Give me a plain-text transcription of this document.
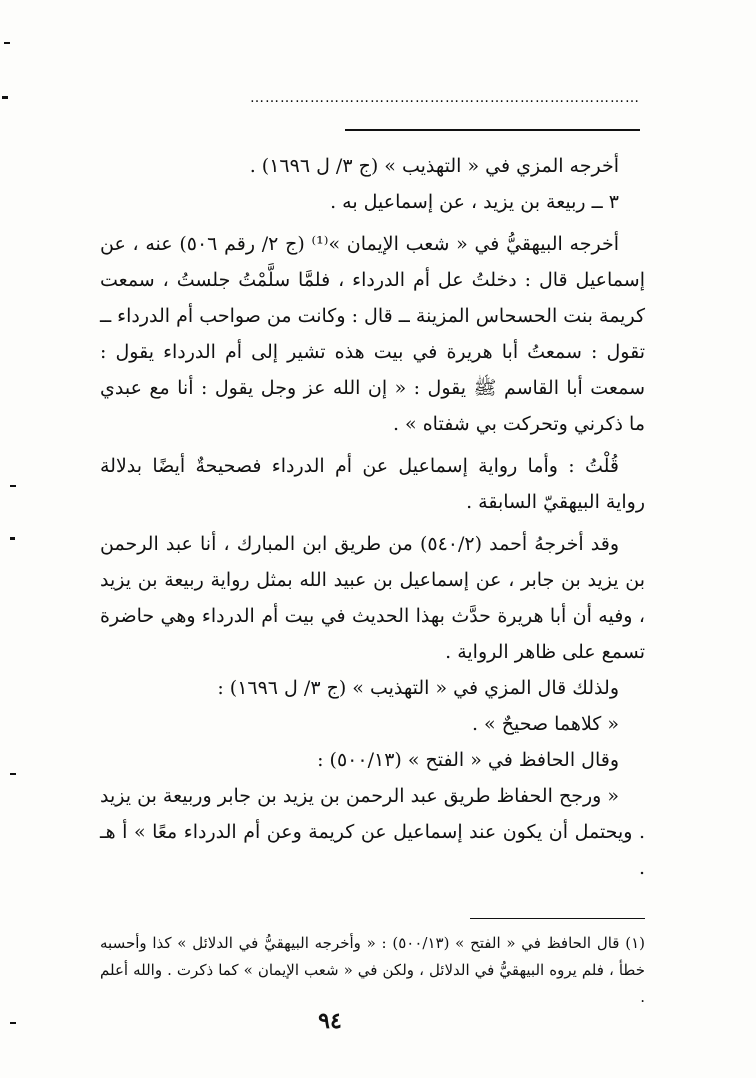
……………………………………………………………………

أخرجه المزي في « التهذيب » (ج ٣/ ل ١٦٩٦) .

٣ ــ ربيعة بن يزيد ، عن إسماعيل به .

أخرجه البيهقيُّ في « شعب الإيمان »⁽¹⁾ (ج ٢/ رقم ٥٠٦) عنه ، عن إسماعيل قال : دخلتُ عل أم الدرداء ، فلمَّا سلَّمْتُ جلستُ ، سمعت كريمة بنت الحسحاس المزينة ــ قال : وكانت من صواحب أم الدرداء ــ تقول : سمعتُ أبا هريرة في بيت هذه تشير إلى أم الدرداء يقول : سمعت أبا القاسم ﷺ يقول : « إن الله عز وجل يقول : أنا مع عبدي ما ذكرني وتحركت بي شفتاه » .

قُلْتُ : وأما رواية إسماعيل عن أم الدرداء فصحيحةٌ أيضًا بدلالة رواية البيهقيّ السابقة .

وقد أخرجهُ أحمد (٥٤٠/٢) من طريق ابن المبارك ، أنا عبد الرحمن بن يزيد بن جابر ، عن إسماعيل بن عبيد الله بمثل رواية ربيعة بن يزيد ، وفيه أن أبا هريرة حدَّث بهذا الحديث في بيت أم الدرداء وهي حاضرة تسمع على ظاهر الرواية .

ولذلك قال المزي في « التهذيب » (ج ٣/ ل ١٦٩٦) :

« كلاهما صحيحٌ » .

وقال الحافظ في « الفتح » (٥٠٠/١٣) :

« ورجح الحفاظ طريق عبد الرحمن بن يزيد بن جابر وربيعة بن يزيد . ويحتمل أن يكون عند إسماعيل عن كريمة وعن أم الدرداء معًا » أ هـ .

(١) قال الحافظ في « الفتح » (٥٠٠/١٣) : « وأخرجه البيهقيُّ في الدلائل » كذا وأحسبه خطأ ، فلم يروه البيهقيُّ في الدلائل ، ولكن في « شعب الإيمان » كما ذكرت . والله أعلم .

٩٤
